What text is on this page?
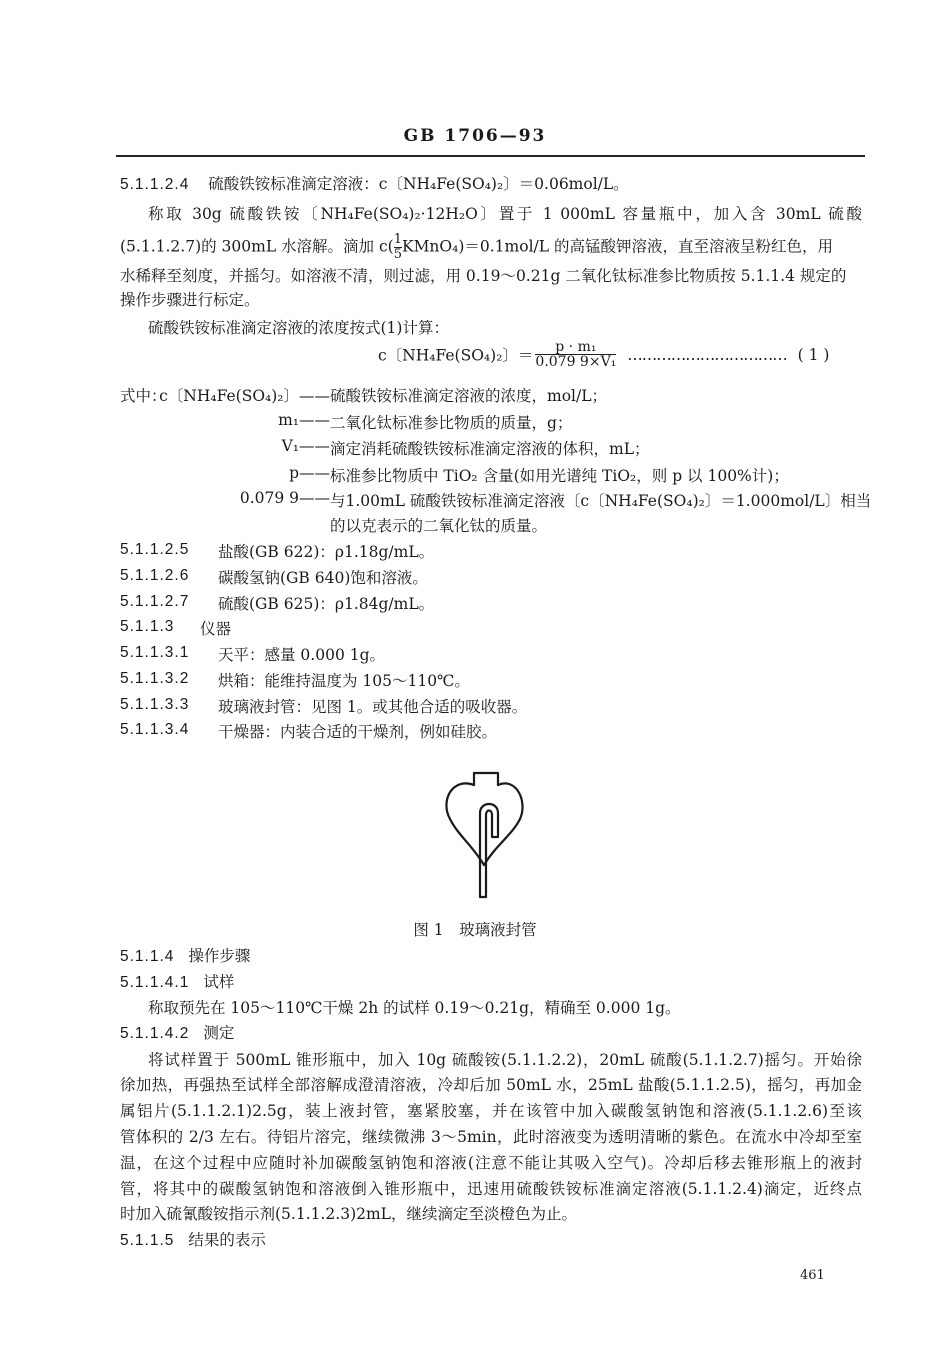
GB 1706—93
5.1.1.2.4 硫酸铁铵标准滴定溶液：c〔NH₄Fe(SO₄)₂〕＝0.06mol/L。
称取 30g 硫酸铁铵〔NH₄Fe(SO₄)₂·12H₂O〕置于 1 000mL 容量瓶中，加入含 30mL 硫酸
(5.1.1.2.7)的 300mL 水溶解。滴加 $c( \frac{1}{5}$ KMnO₄)＝0.1mol/L 的高锰酸钾溶液，直至溶液呈粉红色，用
水稀释至刻度，并摇匀。如溶液不清，则过滤，用 0.19～0.21g 二氧化钛标准参比物质按 5.1.1.4 规定的
操作步骤进行标定。
硫酸铁铵标准滴定溶液的浓度按式(1)计算：
c〔NH₄Fe(SO₄)₂〕＝ $\frac{\text{p · m₁}}{\text{0.079 9×V₁}}$ …………………………… ( 1 )
式中：
c〔NH₄Fe(SO₄)₂〕—— 硫酸铁铵标准滴定溶液的浓度，mol/L；
m₁—— 二氧化钛标准参比物质的质量，g；
V₁—— 滴定消耗硫酸铁铵标准滴定溶液的体积，mL；
p—— 标准参比物质中 TiO₂ 含量(如用光谱纯 TiO₂，则 p 以 100%计)；
0.079 9—— 与1.00mL 硫酸铁铵标准滴定溶液〔c〔NH₄Fe(SO₄)₂〕＝1.000mol/L〕相当
的以克表示的二氧化钛的质量。
5.1.1.2.5 盐酸(GB 622)：ρ1.18g/mL。
5.1.1.2.6 碳酸氢钠(GB 640)饱和溶液。
5.1.1.2.7 硫酸(GB 625)：ρ1.84g/mL。
5.1.1.3 仪器
5.1.1.3.1 天平：感量 0.000 1g。
5.1.1.3.2 烘箱：能维持温度为 105～110℃。
5.1.1.3.3 玻璃液封管：见图 1。或其他合适的吸收器。
5.1.1.3.4 干燥器：内装合适的干燥剂，例如硅胶。
图 1　玻璃液封管
5.1.1.4 操作步骤
5.1.1.4.1 试样
称取预先在 105～110℃干燥 2h 的试样 0.19～0.21g，精确至 0.000 1g。
5.1.1.4.2 测定
将试样置于 500mL 锥形瓶中，加入 10g 硫酸铵(5.1.1.2.2)，20mL 硫酸(5.1.1.2.7)摇匀。开始徐
徐加热，再强热至试样全部溶解成澄清溶液，冷却后加 50mL 水，25mL 盐酸(5.1.1.2.5)，摇匀，再加金
属铝片(5.1.1.2.1)2.5g，装上液封管，塞紧胶塞，并在该管中加入碳酸氢钠饱和溶液(5.1.1.2.6)至该
管体积的 2/3 左右。待铝片溶完，继续微沸 3～5min，此时溶液变为透明清晰的紫色。在流水中冷却至室
温，在这个过程中应随时补加碳酸氢钠饱和溶液(注意不能让其吸入空气)。冷却后移去锥形瓶上的液封
管，将其中的碳酸氢钠饱和溶液倒入锥形瓶中，迅速用硫酸铁铵标准滴定溶液(5.1.1.2.4)滴定，近终点
时加入硫氰酸铵指示剂(5.1.1.2.3)2mL，继续滴定至淡橙色为止。
5.1.1.5 结果的表示
461
